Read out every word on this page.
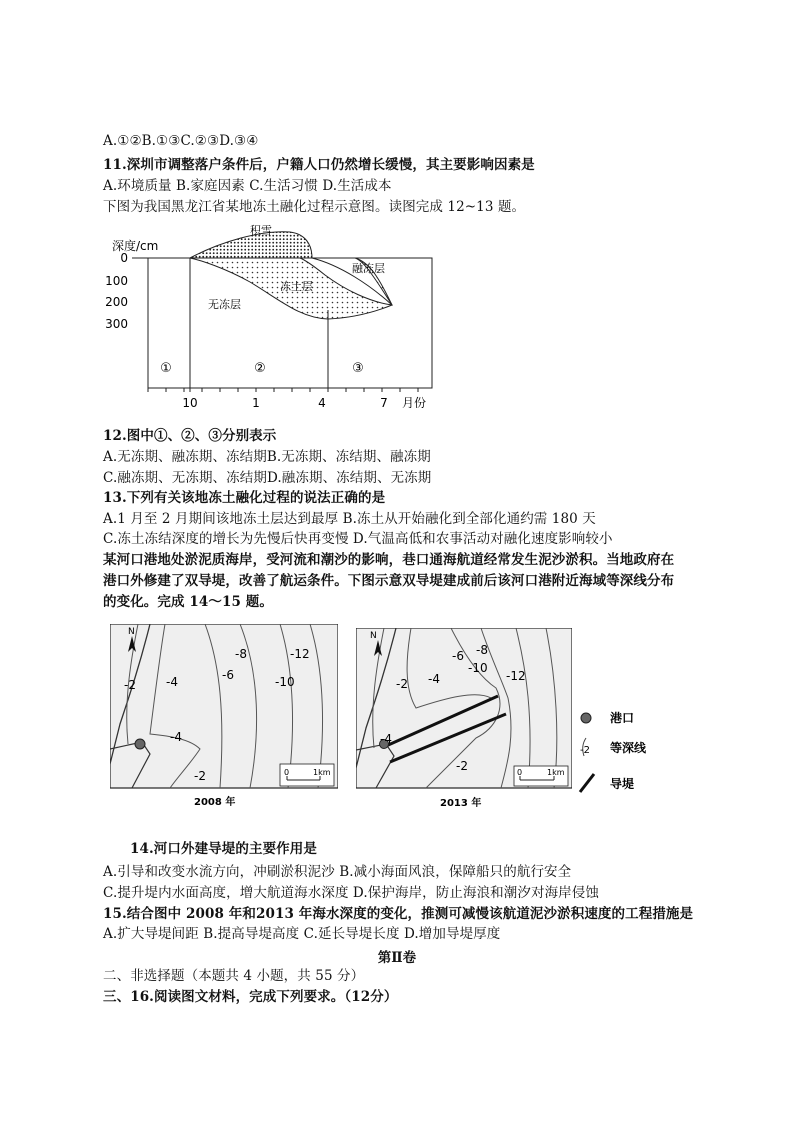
A.①②B.①③C.②③D.③④
11.深圳市调整落户条件后，户籍人口仍然增长缓慢，其主要影响因素是
A.环境质量 B.家庭因素 C.生活习惯 D.生活成本
下图为我国黑龙江省某地冻土融化过程示意图。读图完成 12~13 题。
深度/cm
0
100
200
300
积雪
融冻层
冻土层
无冻层
①	②	③
10	1	4	7 月份
12.图中①、②、③分别表示
A.无冻期、融冻期、冻结期B.无冻期、冻结期、融冻期
C.融冻期、无冻期、冻结期D.融冻期、冻结期、无冻期
13.下列有关该地冻土融化过程的说法正确的是
A.1 月至 2 月期间该地冻土层达到最厚 B.冻土从开始融化到全部化通约需 180 天
C.冻土冻结深度的增长为先慢后快再变慢 D.气温高低和农事活动对融化速度影响较小
某河口港地处淤泥质海岸，受河流和潮沙的影响，巷口通海航道经常发生泥沙淤积。当地政府在
港口外修建了双导堤，改善了航运条件。下图示意双导堤建成前后该河口港附近海域等深线分布
的变化。完成 14～15 题。
N
-2	-4	-6
-8
-10
-12
-4
-2	0	1km
2008 年
N
-2 -4
-6 -8
-10
-12
-4
-2	0	1km
2013 年
港口
-2 等深线
导堤
14.河口外建导堤的主要作用是
A.引导和改变水流方向，冲刷淤积泥沙 B.减小海面风浪，保障船只的航行安全
C.提升堤内水面高度，增大航道海水深度 D.保护海岸，防止海浪和潮汐对海岸侵蚀
15.结合图中 2008 年和2013 年海水深度的变化，推测可减慢该航道泥沙淤积速度的工程措施是
A.扩大导堤间距 B.提高导堤高度 C.延长导堤长度 D.增加导堤厚度
第Ⅱ卷
二、非选择题（本题共 4 小题，共 55 分）
三、16.阅读图文材料，完成下列要求。（12分）
